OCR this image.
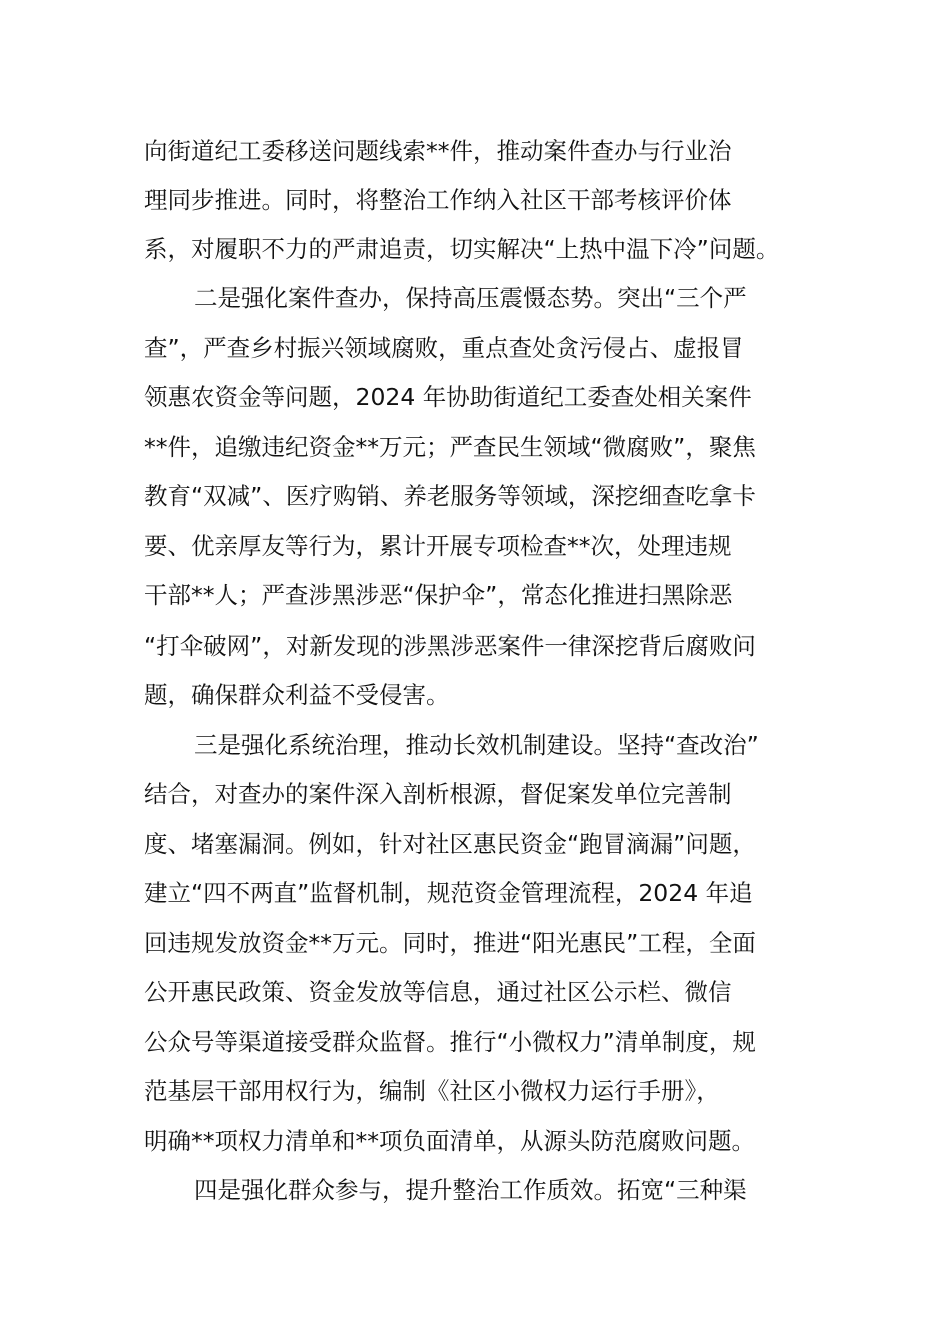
向街道纪工委移送问题线索**件，推动案件查办与行业治
理同步推进。同时，将整治工作纳入社区干部考核评价体
系，对履职不力的严肃追责，切实解决“上热中温下冷”问题。
二是强化案件查办，保持高压震慑态势。突出“三个严
查”，严查乡村振兴领域腐败，重点查处贪污侵占、虚报冒
领惠农资金等问题，2024 年协助街道纪工委查处相关案件
**件，追缴违纪资金**万元；严查民生领域“微腐败”，聚焦
教育“双减”、医疗购销、养老服务等领域，深挖细查吃拿卡
要、优亲厚友等行为，累计开展专项检查**次，处理违规
干部**人；严查涉黑涉恶“保护伞”，常态化推进扫黑除恶
“打伞破网”，对新发现的涉黑涉恶案件一律深挖背后腐败问
题，确保群众利益不受侵害。
三是强化系统治理，推动长效机制建设。坚持“查改治”
结合，对查办的案件深入剖析根源，督促案发单位完善制
度、堵塞漏洞。例如，针对社区惠民资金“跑冒滴漏”问题，
建立“四不两直”监督机制，规范资金管理流程，2024 年追
回违规发放资金**万元。同时，推进“阳光惠民”工程，全面
公开惠民政策、资金发放等信息，通过社区公示栏、微信
公众号等渠道接受群众监督。推行“小微权力”清单制度，规
范基层干部用权行为，编制《社区小微权力运行手册》，
明确**项权力清单和**项负面清单，从源头防范腐败问题。
四是强化群众参与，提升整治工作质效。拓宽“三种渠
